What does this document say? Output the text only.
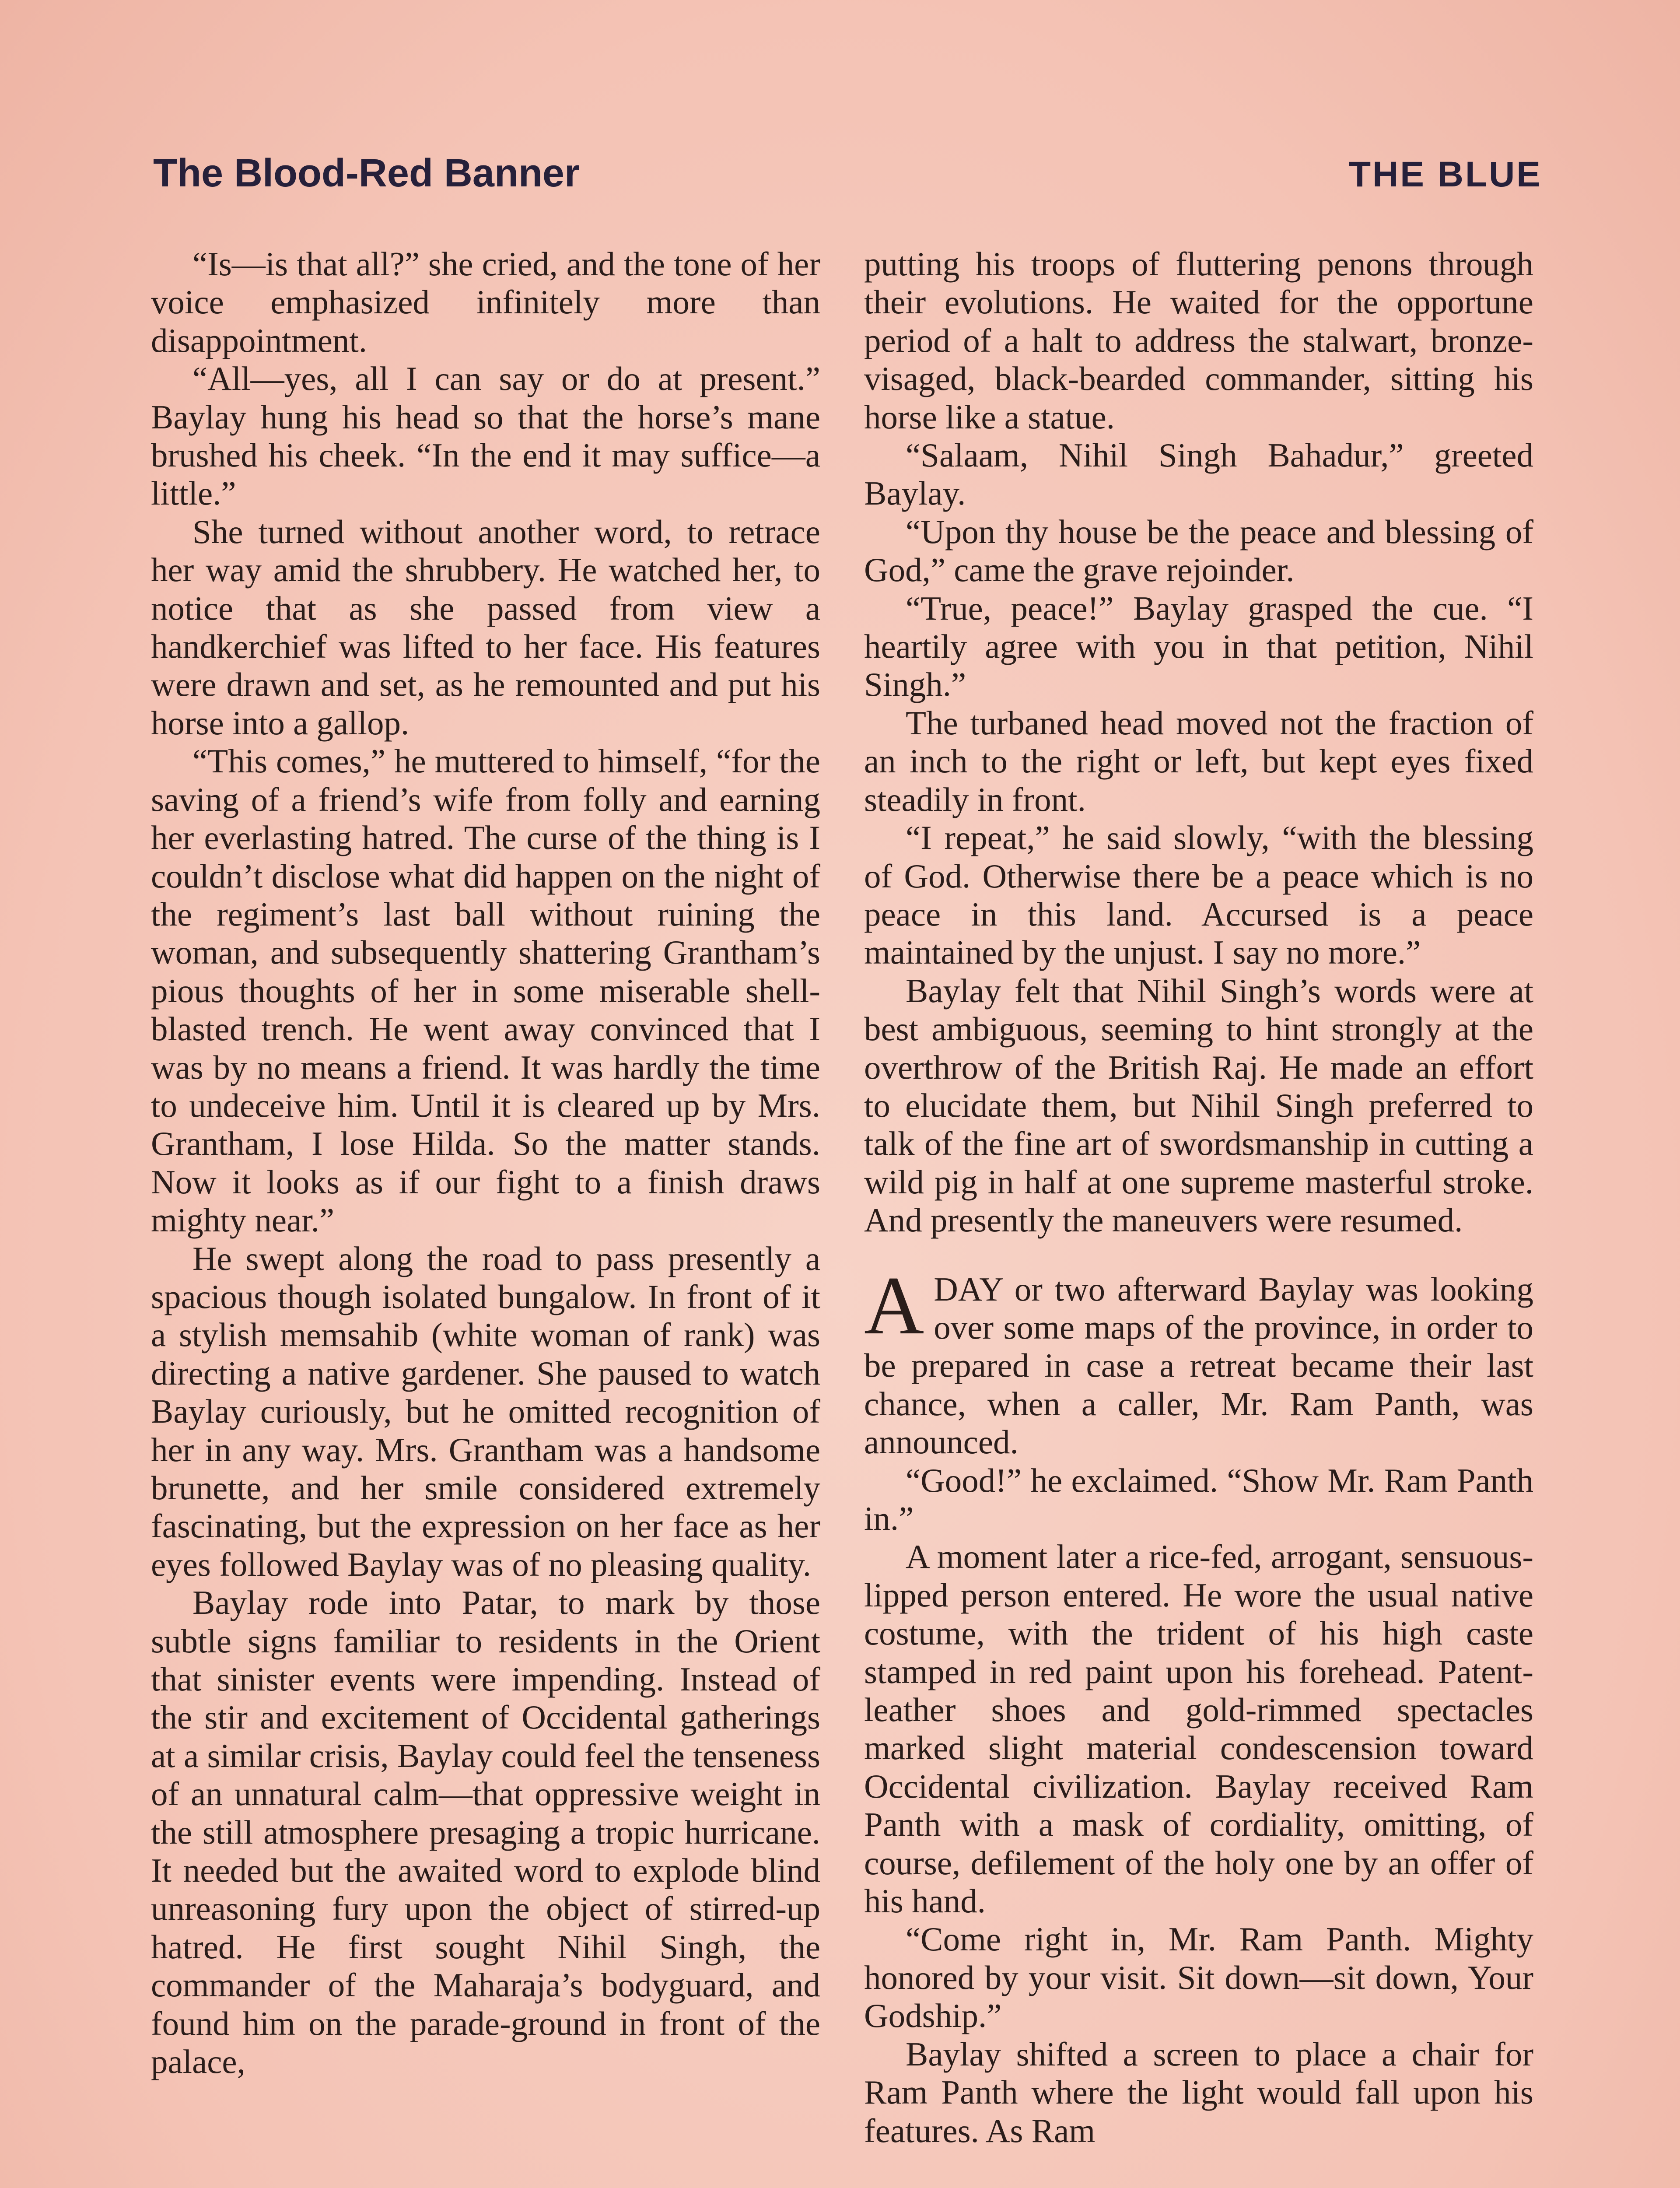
The Blood-Red Banner	THE BLUE

“Is—is that all?” she cried, and the tone of her voice emphasized infinitely more than disappointment.

“All—yes, all I can say or do at present.” Baylay hung his head so that the horse’s mane brushed his cheek. “In the end it may suffice—a little.”

She turned without another word, to retrace her way amid the shrubbery. He watched her, to notice that as she passed from view a handkerchief was lifted to her face. His features were drawn and set, as he remounted and put his horse into a gallop.

“This comes,” he muttered to himself, “for the saving of a friend’s wife from folly and earning her everlasting hatred. The curse of the thing is I couldn’t disclose what did happen on the night of the regiment’s last ball without ruining the woman, and subsequently shattering Grantham’s pious thoughts of her in some miserable shell-blasted trench. He went away convinced that I was by no means a friend. It was hardly the time to undeceive him. Until it is cleared up by Mrs. Grantham, I lose Hilda. So the matter stands. Now it looks as if our fight to a finish draws mighty near.”

He swept along the road to pass presently a spacious though isolated bungalow. In front of it a stylish memsahib (white woman of rank) was directing a native gardener. She paused to watch Baylay curiously, but he omitted recognition of her in any way. Mrs. Grantham was a handsome brunette, and her smile considered extremely fascinating, but the expression on her face as her eyes followed Baylay was of no pleasing quality.

Baylay rode into Patar, to mark by those subtle signs familiar to residents in the Orient that sinister events were impending. Instead of the stir and excitement of Occidental gatherings at a similar crisis, Baylay could feel the tenseness of an unnatural calm—that oppressive weight in the still atmosphere presaging a tropic hurricane. It needed but the awaited word to explode blind unreasoning fury upon the object of stirred-up hatred. He first sought Nihil Singh, the commander of the Maharaja’s bodyguard, and found him on the parade-ground in front of the palace,

putting his troops of fluttering penons through their evolutions. He waited for the opportune period of a halt to address the stalwart, bronze-visaged, black-bearded commander, sitting his horse like a statue.

“Salaam, Nihil Singh Bahadur,” greeted Baylay.

“Upon thy house be the peace and blessing of God,” came the grave rejoinder.

“True, peace!” Baylay grasped the cue. “I heartily agree with you in that petition, Nihil Singh.”

The turbaned head moved not the fraction of an inch to the right or left, but kept eyes fixed steadily in front.

“I repeat,” he said slowly, “with the blessing of God. Otherwise there be a peace which is no peace in this land. Accursed is a peace maintained by the unjust. I say no more.”

Baylay felt that Nihil Singh’s words were at best ambiguous, seeming to hint strongly at the overthrow of the British Raj. He made an effort to elucidate them, but Nihil Singh preferred to talk of the fine art of swordsmanship in cutting a wild pig in half at one supreme masterful stroke. And presently the maneuvers were resumed.

ADAY or two afterward Baylay was looking over some maps of the province, in order to be prepared in case a retreat became their last chance, when a caller, Mr. Ram Panth, was announced.

“Good!” he exclaimed. “Show Mr. Ram Panth in.”

A moment later a rice-fed, arrogant, sensuous-lipped person entered. He wore the usual native costume, with the trident of his high caste stamped in red paint upon his forehead. Patent-leather shoes and gold-rimmed spectacles marked slight material condescension toward Occidental civilization. Baylay received Ram Panth with a mask of cordiality, omitting, of course, defilement of the holy one by an offer of his hand.

“Come right in, Mr. Ram Panth. Mighty honored by your visit. Sit down—sit down, Your Godship.”

Baylay shifted a screen to place a chair for Ram Panth where the light would fall upon his features. As Ram
